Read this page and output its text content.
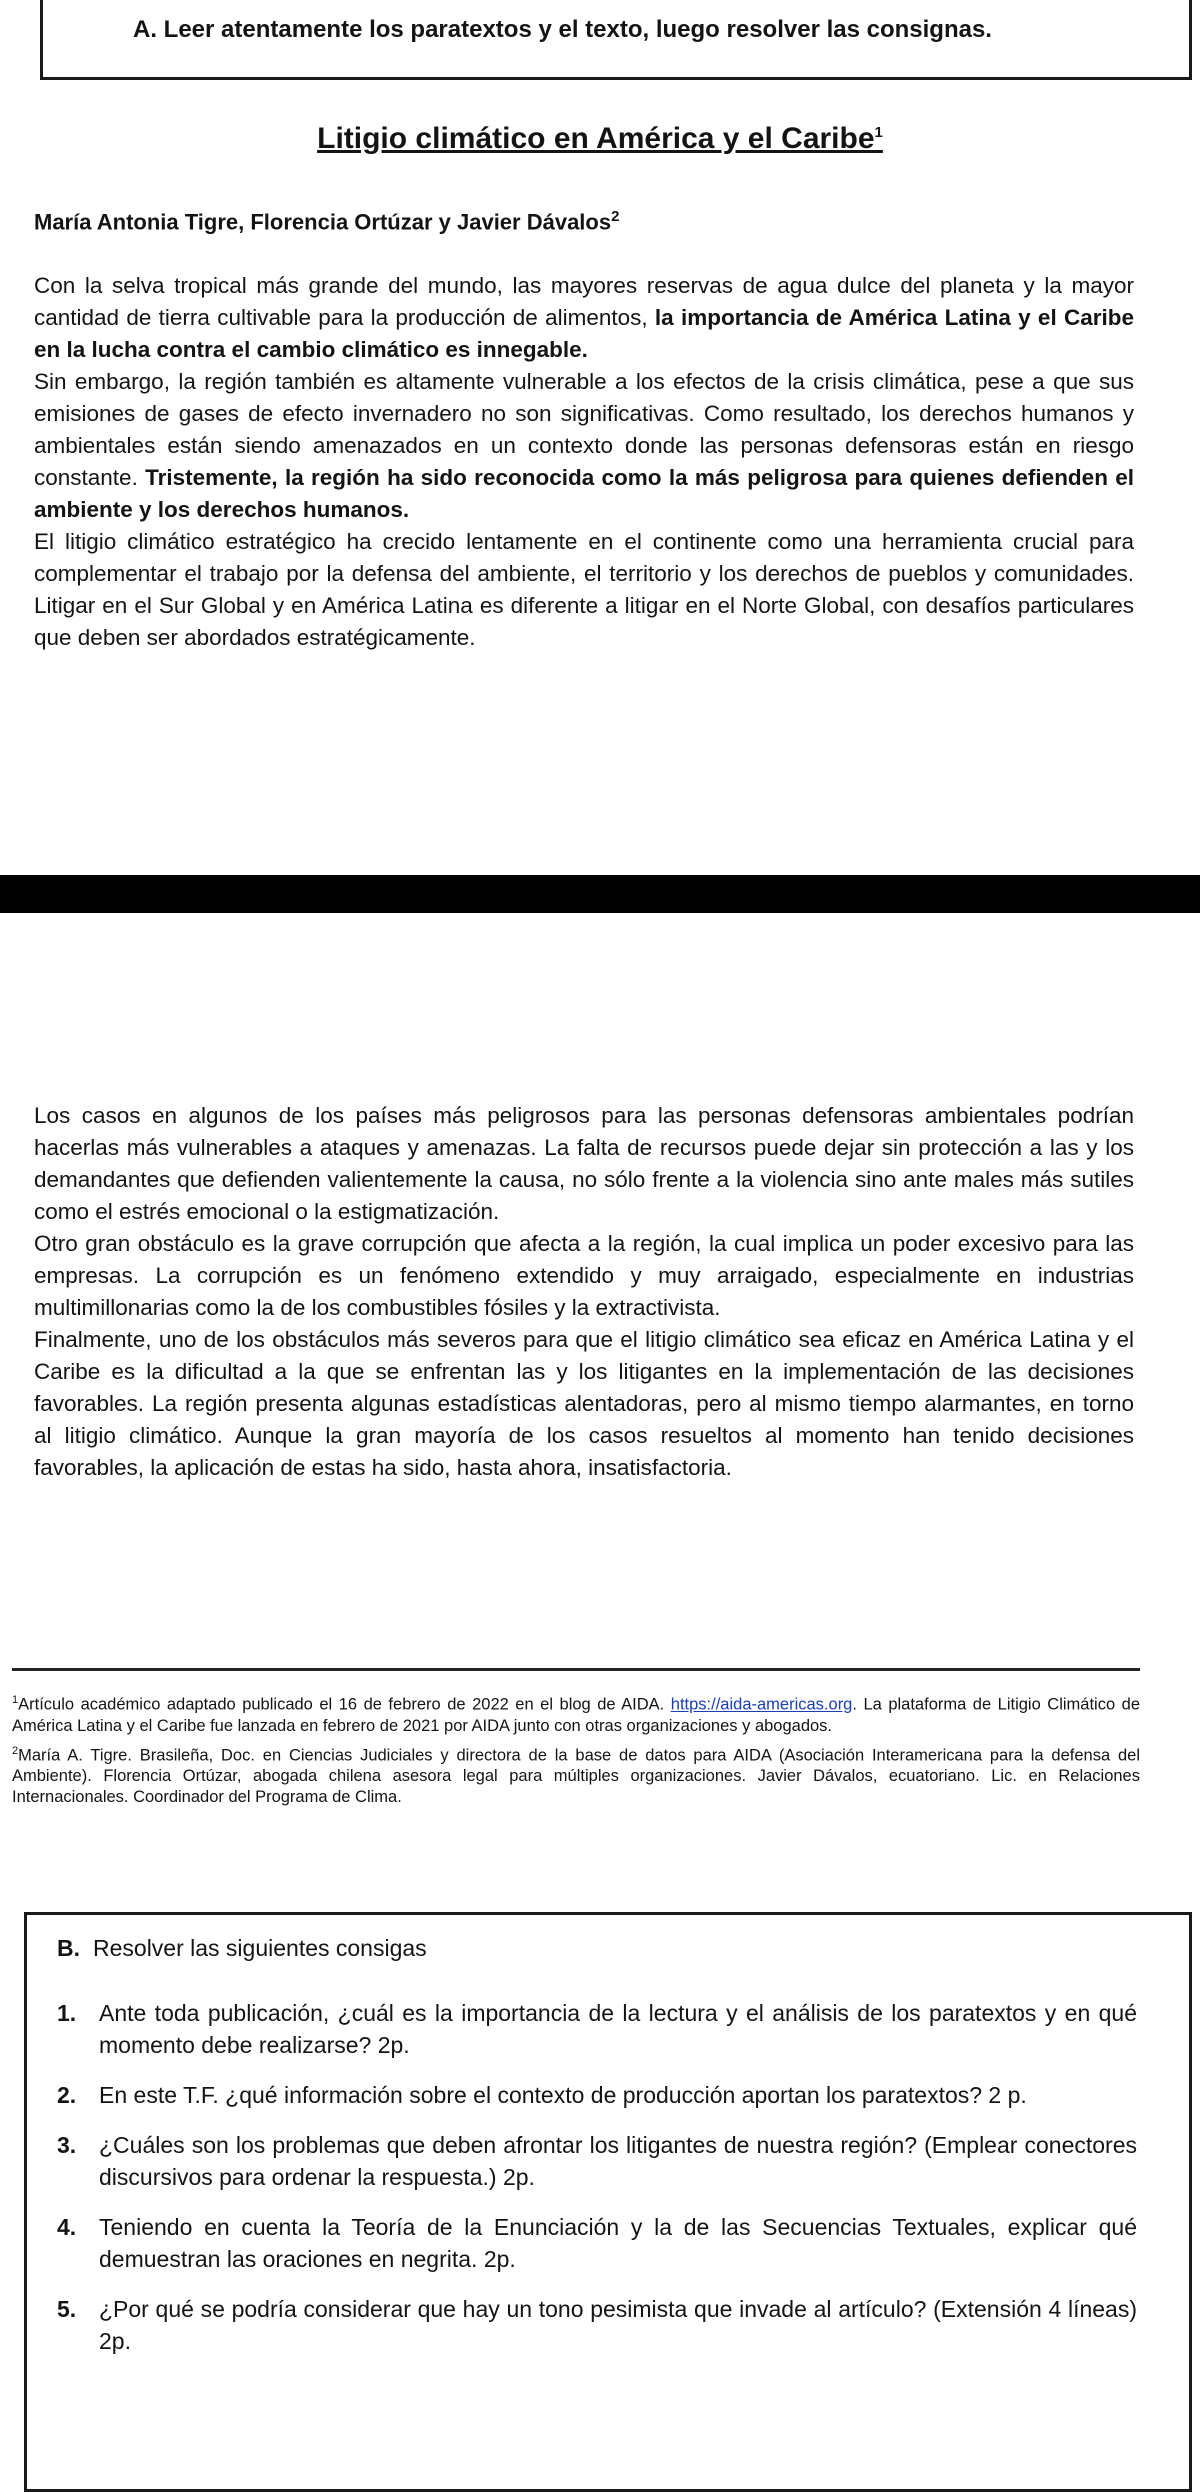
A. Leer atentamente los paratextos y el texto, luego resolver las consignas.
Litigio climático en América y el Caribe$^1$
María Antonia Tigre, Florencia Ortúzar y Javier Dávalos$^2$

Con la selva tropical más grande del mundo, las mayores reservas de agua dulce del planeta y la mayor cantidad de tierra cultivable para la producción de alimentos, la importancia de América Latina y el Caribe en la lucha contra el cambio climático es innegable.

Sin embargo, la región también es altamente vulnerable a los efectos de la crisis climática, pese a que sus emisiones de gases de efecto invernadero no son significativas. Como resultado, los derechos humanos y ambientales están siendo amenazados en un contexto donde las personas defensoras están en riesgo constante. Tristemente, la región ha sido reconocida como la más peligrosa para quienes defienden el ambiente y los derechos humanos.

El litigio climático estratégico ha crecido lentamente en el continente como una herramienta crucial para complementar el trabajo por la defensa del ambiente, el territorio y los derechos de pueblos y comunidades. Litigar en el Sur Global y en América Latina es diferente a litigar en el Norte Global, con desafíos particulares que deben ser abordados estratégicamente.

Los casos en algunos de los países más peligrosos para las personas defensoras ambientales podrían hacerlas más vulnerables a ataques y amenazas. La falta de recursos puede dejar sin protección a las y los demandantes que defienden valientemente la causa, no sólo frente a la violencia sino ante males más sutiles como el estrés emocional o la estigmatización.

Otro gran obstáculo es la grave corrupción que afecta a la región, la cual implica un poder excesivo para las empresas. La corrupción es un fenómeno extendido y muy arraigado, especialmente en industrias multimillonarias como la de los combustibles fósiles y la extractivista.

Finalmente, uno de los obstáculos más severos para que el litigio climático sea eficaz en América Latina y el Caribe es la dificultad a la que se enfrentan las y los litigantes en la implementación de las decisiones favorables. La región presenta algunas estadísticas alentadoras, pero al mismo tiempo alarmantes, en torno al litigio climático. Aunque la gran mayoría de los casos resueltos al momento han tenido decisiones favorables, la aplicación de estas ha sido, hasta ahora, insatisfactoria.

$^1$Artículo académico adaptado publicado el 16 de febrero de 2022 en el blog de AIDA. https://aida-americas.org. La plataforma de Litigio Climático de América Latina y el Caribe fue lanzada en febrero de 2021 por AIDA junto con otras organizaciones y abogados.

$^2$María A. Tigre. Brasileña, Doc. en Ciencias Judiciales y directora de la base de datos para AIDA (Asociación Interamericana para la defensa del Ambiente). Florencia Ortúzar, abogada chilena asesora legal para múltiples organizaciones. Javier Dávalos, ecuatoriano. Lic. en Relaciones Internacionales. Coordinador del Programa de Clima.

B. Resolver las siguientes consigas
1. Ante toda publicación, ¿cuál es la importancia de la lectura y el análisis de los paratextos y en qué momento debe realizarse? 2p.
2. En este T.F. ¿qué información sobre el contexto de producción aportan los paratextos? 2 p.
3. ¿Cuáles son los problemas que deben afrontar los litigantes de nuestra región? (Emplear conectores discursivos para ordenar la respuesta.) 2p.
4. Teniendo en cuenta la Teoría de la Enunciación y la de las Secuencias Textuales, explicar qué demuestran las oraciones en negrita. 2p.
5. ¿Por qué se podría considerar que hay un tono pesimista que invade al artículo? (Extensión 4 líneas) 2p.
